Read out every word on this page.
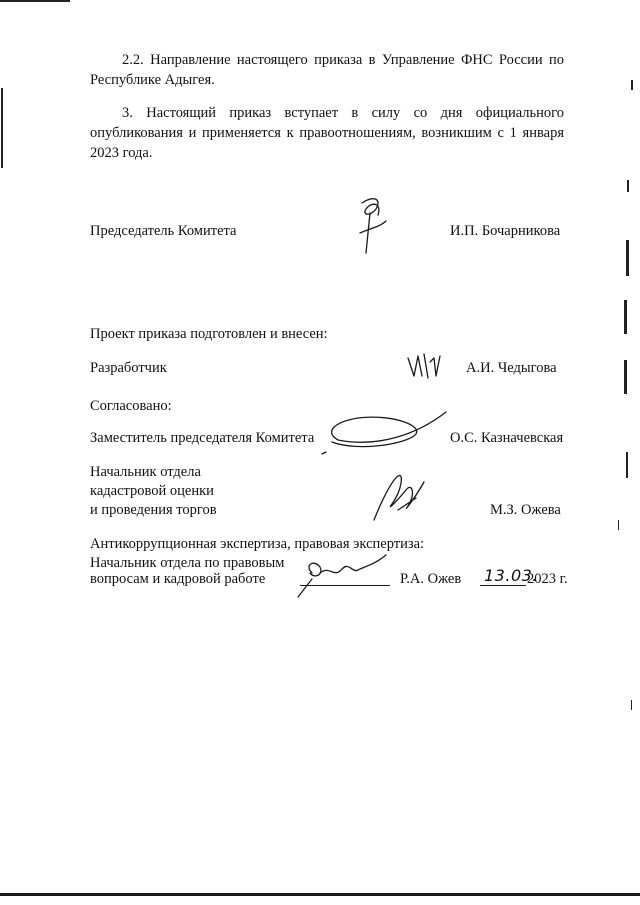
2.2. Направление настоящего приказа в Управление ФНС России по Республике Адыгея.
3. Настоящий приказ вступает в силу со дня официального опубликования и применяется к правоотношениям, возникшим с 1 января 2023 года.
Председатель Комитета	И.П. Бочарникова
Проект приказа подготовлен и внесен:
Разработчик	А.И. Чедыгова
Согласовано:
Заместитель председателя Комитета	О.С. Казначевская
Начальник отдела
кадастровой оценки
и проведения торгов	М.З. Ожева
Антикоррупционная экспертиза, правовая экспертиза:
Начальник отдела по правовым
вопросам и кадровой работе	Р.А. Ожев 13.03.
2023 г.
